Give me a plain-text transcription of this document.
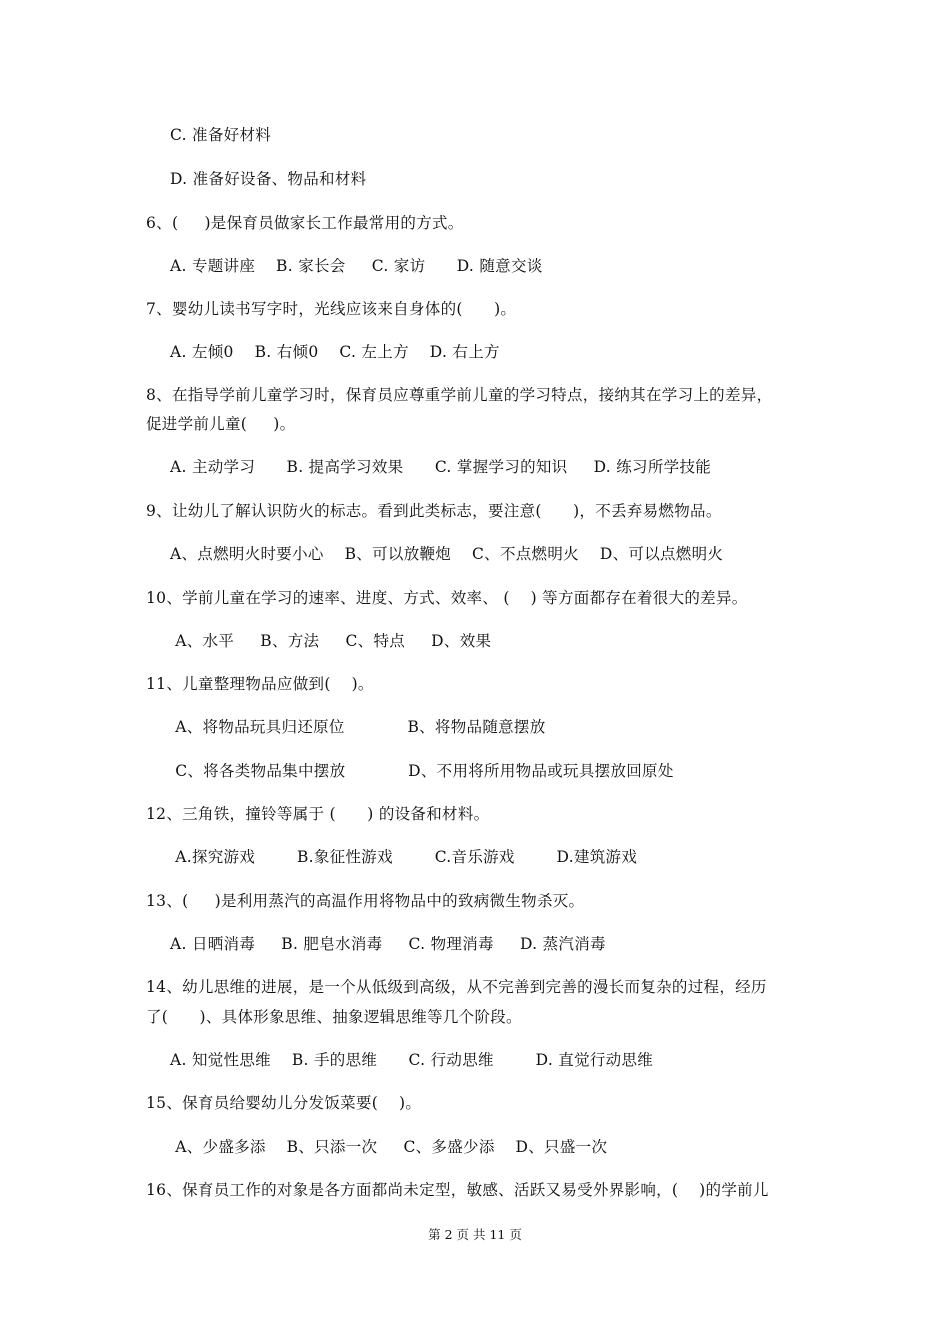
C. 准备好材料
D. 准备好设备、物品和材料
6、(     )是保育员做家长工作最常用的方式。
A. 专题讲座    B. 家长会     C. 家访      D. 随意交谈
7、婴幼儿读书写字时，光线应该来自身体的(      )。
A. 左倾0    B. 右倾0    C. 左上方    D. 右上方
8、在指导学前儿童学习时，保育员应尊重学前儿童的学习特点，接纳其在学习上的差异，
促进学前儿童(     )。
A. 主动学习      B. 提高学习效果      C. 掌握学习的知识     D. 练习所学技能
9、让幼儿了解认识防火的标志。看到此类标志，要注意(      )，不丢弃易燃物品。
A、点燃明火时要小心    B、可以放鞭炮    C、不点燃明火    D、可以点燃明火
10、学前儿童在学习的速率、进度、方式、效率、 (    ) 等方面都存在着很大的差异。
A、水平     B、方法     C、特点     D、效果
11、儿童整理物品应做到(    )。
A、将物品玩具归还原位            B、将物品随意摆放
C、将各类物品集中摆放            D、不用将所用物品或玩具摆放回原处
12、三角铁，撞铃等属于 (      ) 的设备和材料。
A.探究游戏        B.象征性游戏        C.音乐游戏        D.建筑游戏
13、(     )是利用蒸汽的高温作用将物品中的致病微生物杀灭。
A. 日晒消毒     B. 肥皂水消毒     C. 物理消毒     D. 蒸汽消毒
14、幼儿思维的进展，是一个从低级到高级，从不完善到完善的漫长而复杂的过程，经历
了(      )、具体形象思维、抽象逻辑思维等几个阶段。
A. 知觉性思维    B. 手的思维      C. 行动思维        D. 直觉行动思维
15、保育员给婴幼儿分发饭菜要(    )。
A、少盛多添    B、只添一次     C、多盛少添    D、只盛一次
16、保育员工作的对象是各方面都尚未定型，敏感、活跃又易受外界影响，(    )的学前儿
第 2 页 共 11 页
